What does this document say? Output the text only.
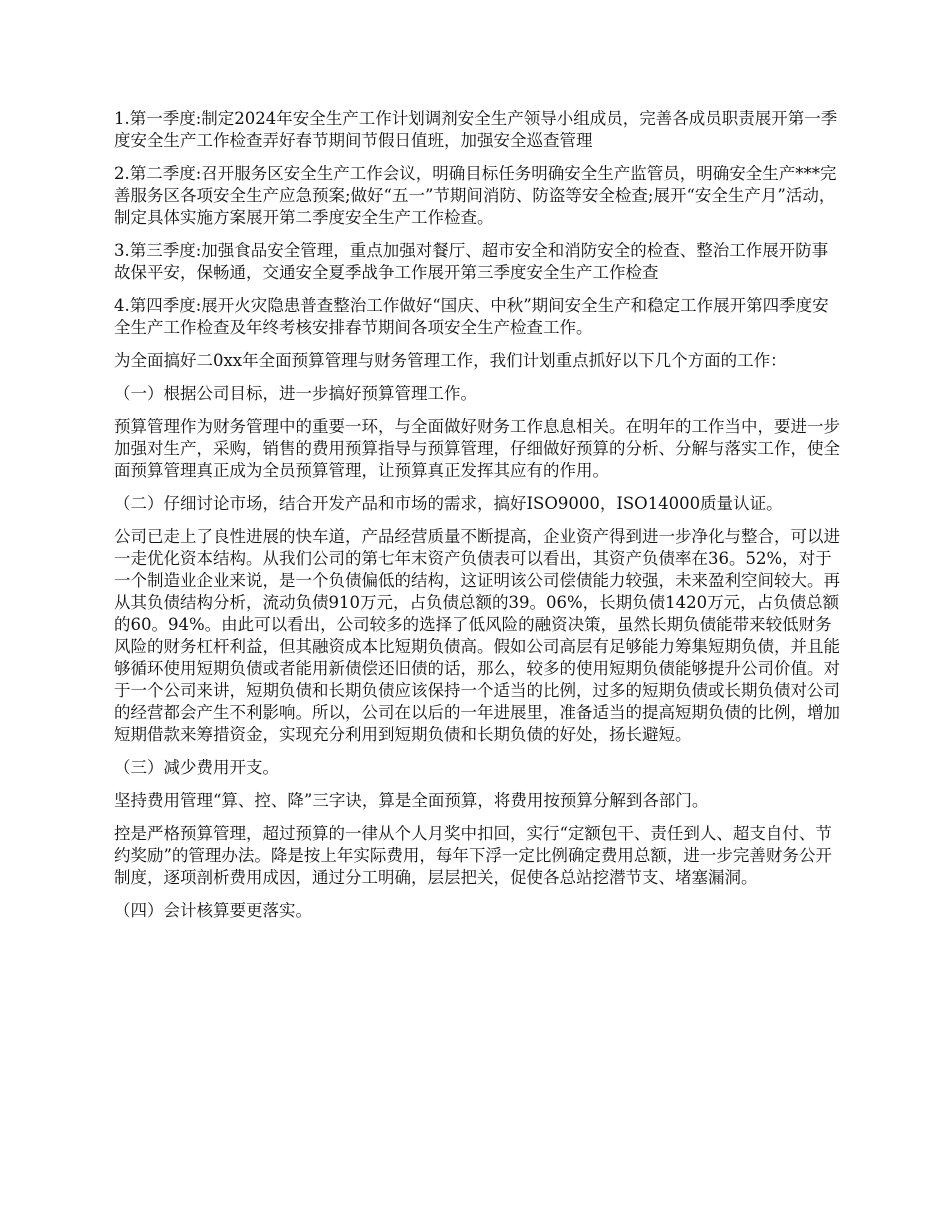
1.第一季度:制定2024年安全生产工作计划调剂安全生产领导小组成员，完善各成员职责展开第一季度安全生产工作检查弄好春节期间节假日值班，加强安全巡查管理

2.第二季度:召开服务区安全生产工作会议，明确目标任务明确安全生产监管员，明确安全生产***完善服务区各项安全生产应急预案;做好“五一”节期间消防、防盗等安全检查;展开“安全生产月”活动，制定具体实施方案展开第二季度安全生产工作检查。

3.第三季度:加强食品安全管理，重点加强对餐厅、超市安全和消防安全的检查、整治工作展开防事故保平安，保畅通，交通安全夏季战争工作展开第三季度安全生产工作检查

4.第四季度:展开火灾隐患普查整治工作做好“国庆、中秋”期间安全生产和稳定工作展开第四季度安全生产工作检查及年终考核安排春节期间各项安全生产检查工作。

为全面搞好二0xx年全面预算管理与财务管理工作，我们计划重点抓好以下几个方面的工作：

（一）根据公司目标，进一步搞好预算管理工作。

预算管理作为财务管理中的重要一环，与全面做好财务工作息息相关。在明年的工作当中，要进一步加强对生产，采购，销售的费用预算指导与预算管理，仔细做好预算的分析、分解与落实工作，使全面预算管理真正成为全员预算管理，让预算真正发挥其应有的作用。

（二）仔细讨论市场，结合开发产品和市场的需求，搞好ISO9000，ISO14000质量认证。

公司已走上了良性进展的快车道，产品经营质量不断提高，企业资产得到进一步净化与整合，可以进一走优化资本结构。从我们公司的第七年末资产负债表可以看出，其资产负债率在36。52%，对于一个制造业企业来说，是一个负债偏低的结构，这证明该公司偿债能力较强，未来盈利空间较大。再从其负债结构分析，流动负债910万元，占负债总额的39。06%，长期负债1420万元，占负债总额的60。94%。由此可以看出，公司较多的选择了低风险的融资决策，虽然长期负债能带来较低财务风险的财务杠杆利益，但其融资成本比短期负债高。假如公司高层有足够能力筹集短期负债，并且能够循环使用短期负债或者能用新债偿还旧债的话，那么，较多的使用短期负债能够提升公司价值。对于一个公司来讲，短期负债和长期负债应该保持一个适当的比例，过多的短期负债或长期负债对公司的经营都会产生不利影响。所以，公司在以后的一年进展里，准备适当的提高短期负债的比例，增加短期借款来筹措资金，实现充分利用到短期负债和长期负债的好处，扬长避短。

（三）减少费用开支。

坚持费用管理“算、控、降”三字诀，算是全面预算，将费用按预算分解到各部门。

控是严格预算管理，超过预算的一律从个人月奖中扣回，实行“定额包干、责任到人、超支自付、节约奖励”的管理办法。降是按上年实际费用，每年下浮一定比例确定费用总额，进一步完善财务公开制度，逐项剖析费用成因，通过分工明确，层层把关，促使各总站挖潜节支、堵塞漏洞。

（四）会计核算要更落实。
